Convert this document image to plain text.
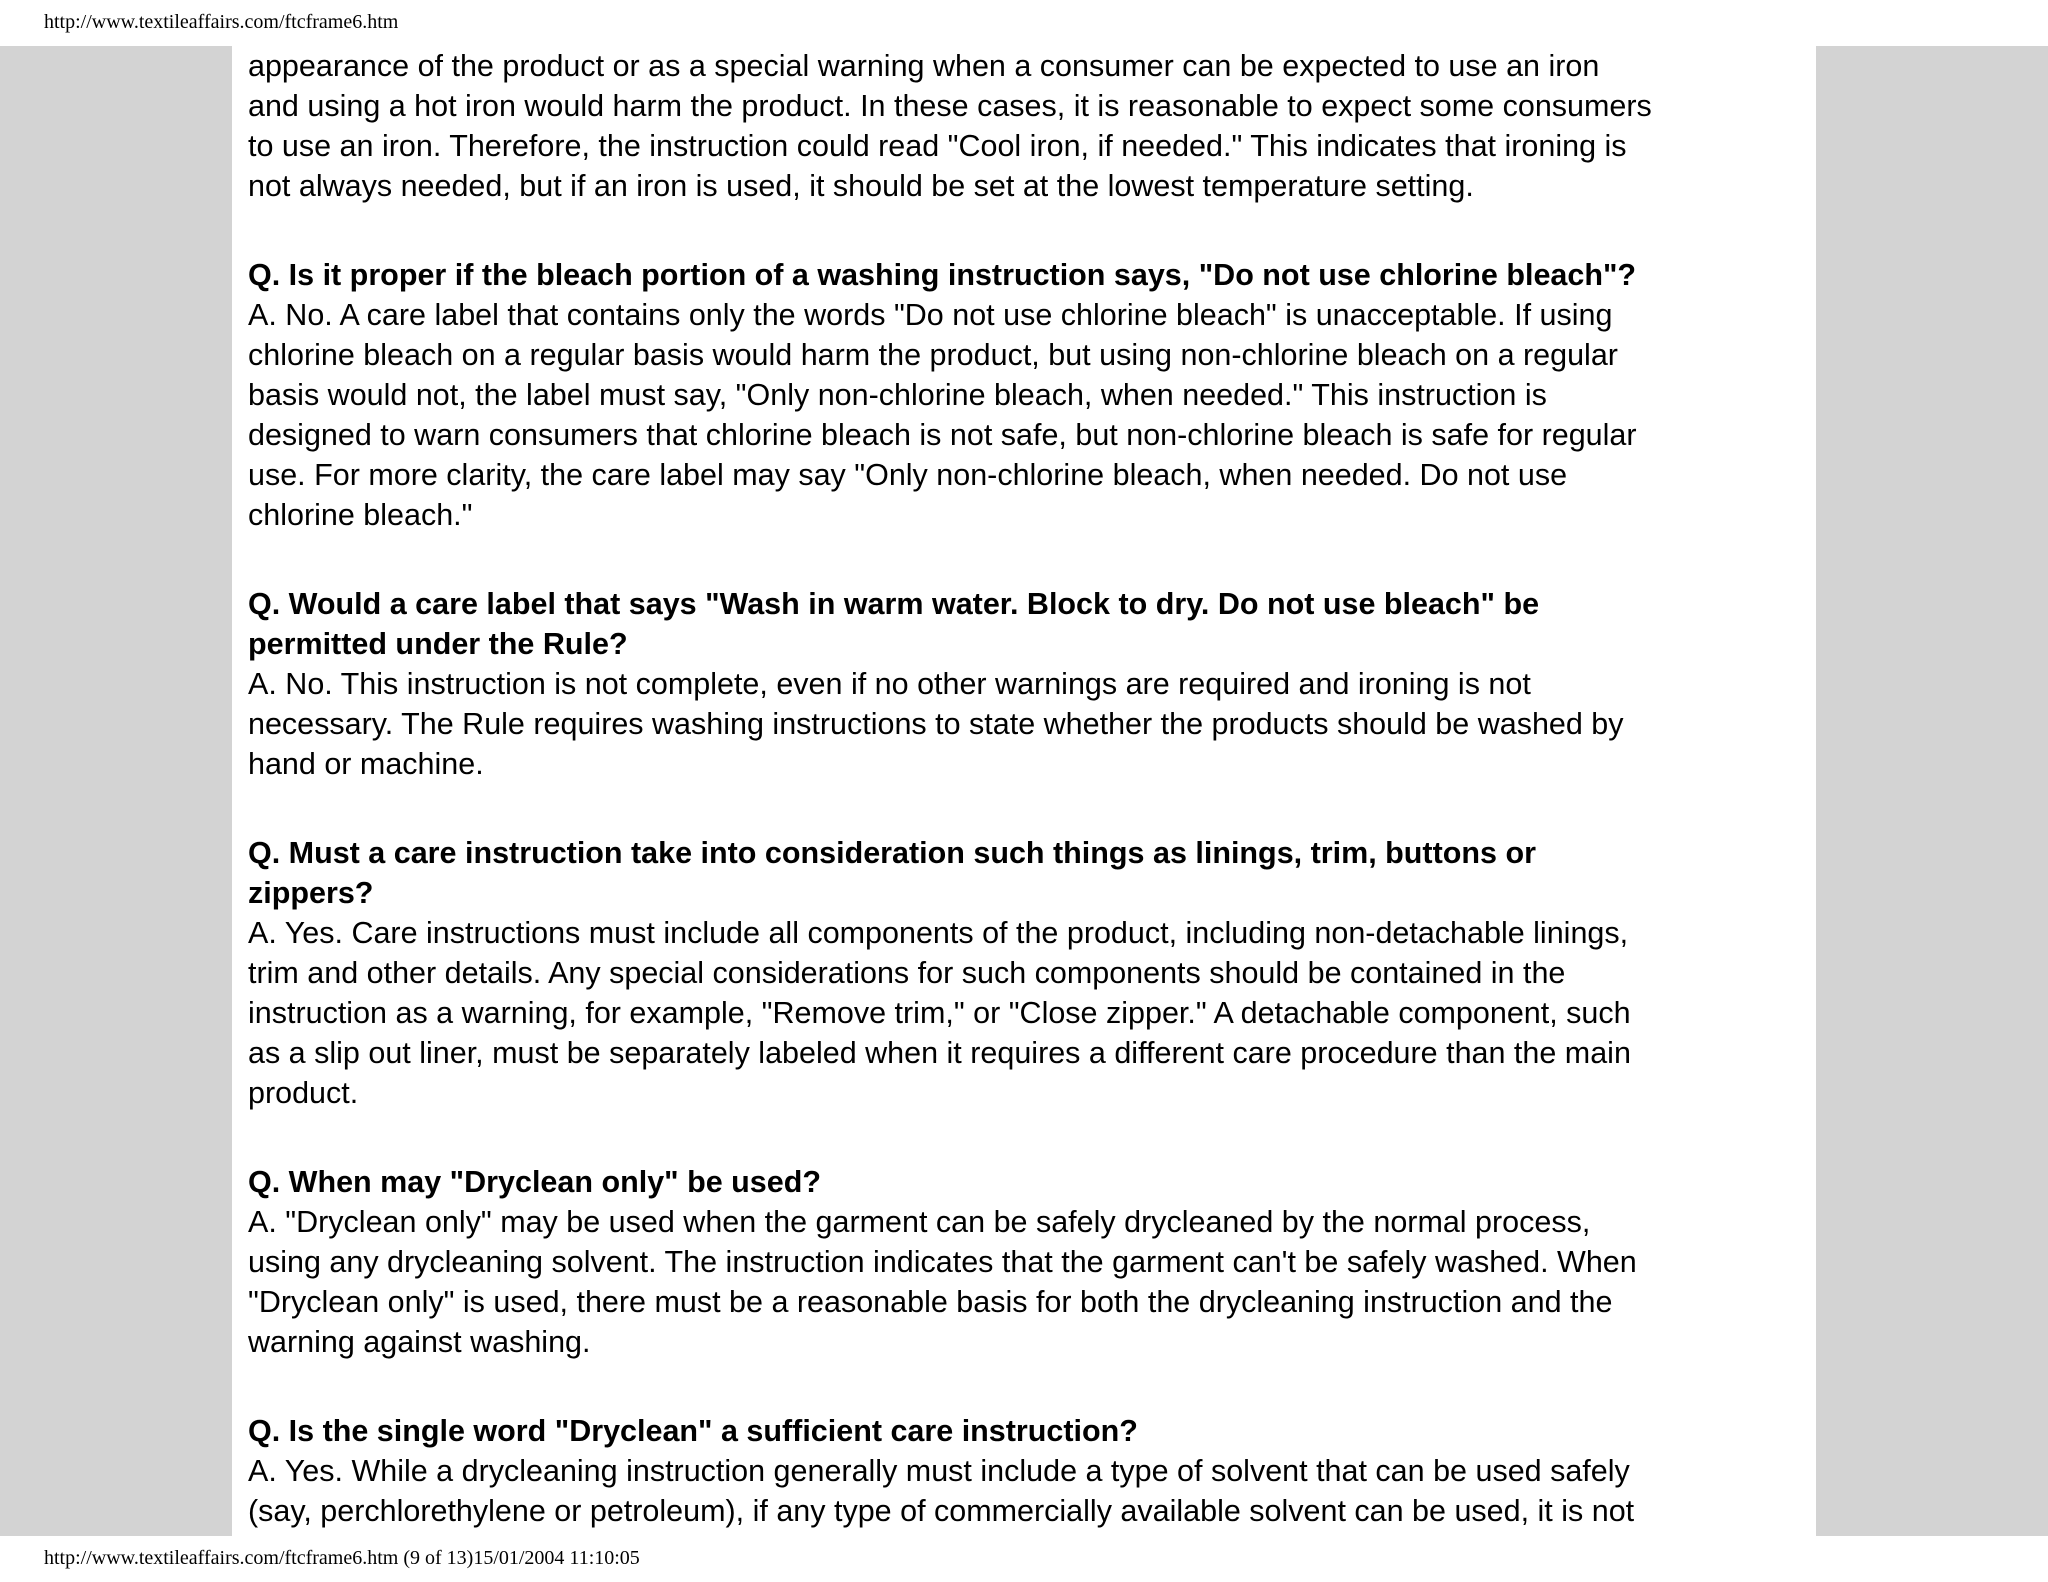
http://www.textileaffairs.com/ftcframe6.htm
appearance of the product or as a special warning when a consumer can be expected to use an iron
and using a hot iron would harm the product. In these cases, it is reasonable to expect some consumers
to use an iron. Therefore, the instruction could read "Cool iron, if needed." This indicates that ironing is
not always needed, but if an iron is used, it should be set at the lowest temperature setting.
Q. Is it proper if the bleach portion of a washing instruction says, "Do not use chlorine bleach"?
A. No. A care label that contains only the words "Do not use chlorine bleach" is unacceptable. If using
chlorine bleach on a regular basis would harm the product, but using non-chlorine bleach on a regular
basis would not, the label must say, "Only non-chlorine bleach, when needed." This instruction is
designed to warn consumers that chlorine bleach is not safe, but non-chlorine bleach is safe for regular
use. For more clarity, the care label may say "Only non-chlorine bleach, when needed. Do not use
chlorine bleach."
Q. Would a care label that says "Wash in warm water. Block to dry. Do not use bleach" be
permitted under the Rule?
A. No. This instruction is not complete, even if no other warnings are required and ironing is not
necessary. The Rule requires washing instructions to state whether the products should be washed by
hand or machine.
Q. Must a care instruction take into consideration such things as linings, trim, buttons or
zippers?
A. Yes. Care instructions must include all components of the product, including non-detachable linings,
trim and other details. Any special considerations for such components should be contained in the
instruction as a warning, for example, "Remove trim," or "Close zipper." A detachable component, such
as a slip out liner, must be separately labeled when it requires a different care procedure than the main
product.
Q. When may "Dryclean only" be used?
A. "Dryclean only" may be used when the garment can be safely drycleaned by the normal process,
using any drycleaning solvent. The instruction indicates that the garment can't be safely washed. When
"Dryclean only" is used, there must be a reasonable basis for both the drycleaning instruction and the
warning against washing.
Q. Is the single word "Dryclean" a sufficient care instruction?
A. Yes. While a drycleaning instruction generally must include a type of solvent that can be used safely
(say, perchlorethylene or petroleum), if any type of commercially available solvent can be used, it is not
http://www.textileaffairs.com/ftcframe6.htm (9 of 13)15/01/2004 11:10:05
